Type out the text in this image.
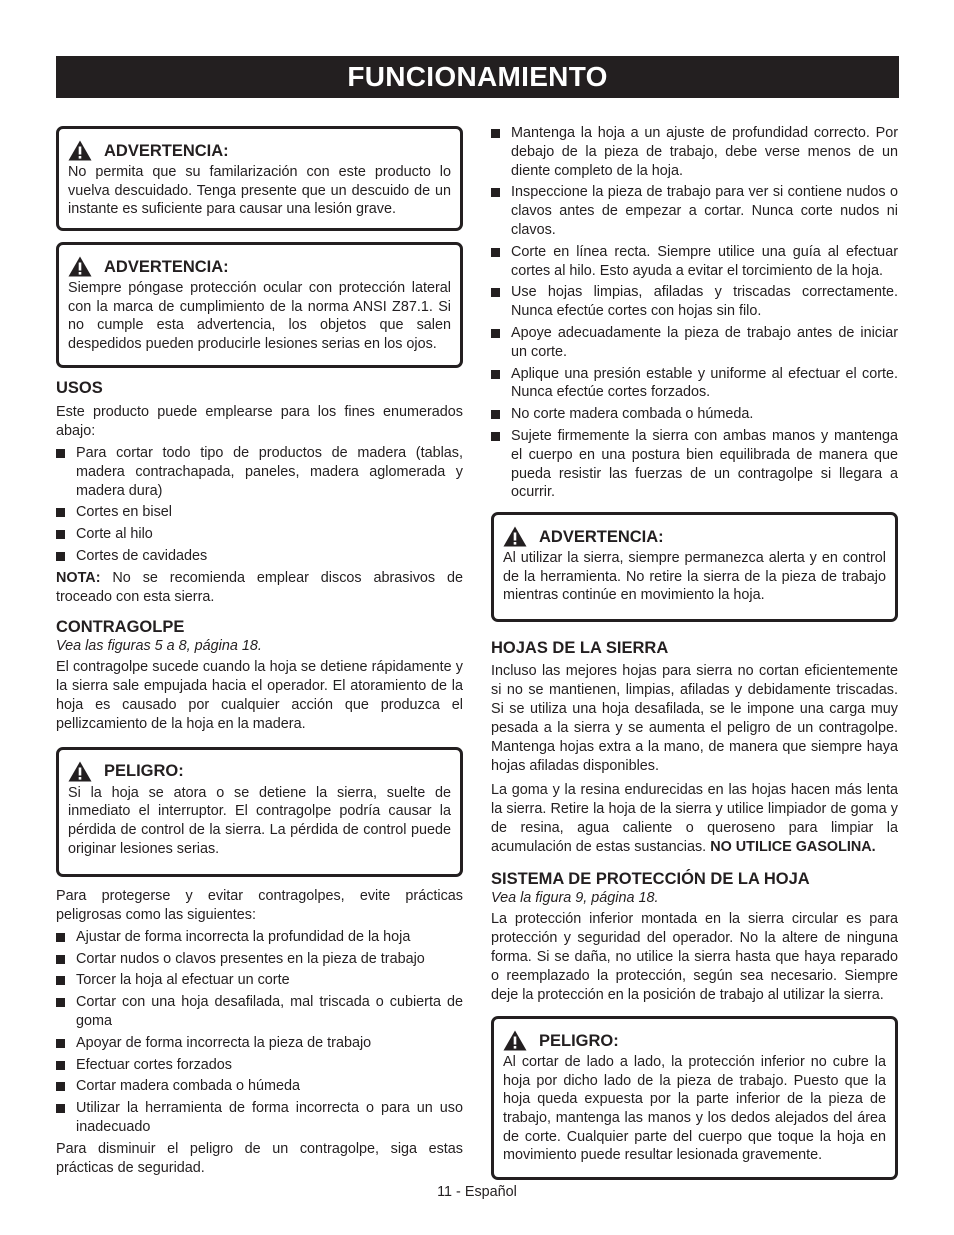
FUNCIONAMIENTO
ADVERTENCIA:

No permita que su familarización con este producto lo vuelva descuidado. Tenga presente que un descuido de un instante es suficiente para causar una lesión grave.

ADVERTENCIA:

Siempre póngase protección ocular con protección lateral con la marca de cumplimiento de la norma ANSI Z87.1. Si no cumple esta advertencia, los objetos que salen despedidos pueden producirle lesiones serias en los ojos.

USOS

Este producto puede emplearse para los fines enumerados abajo:

Para cortar todo tipo de productos de madera (tablas, madera contrachapada, paneles, madera aglomerada y madera dura)
Cortes en bisel
Corte al hilo
Cortes de cavidades

NOTA: No se recomienda emplear discos abrasivos de troceado con esta sierra.

CONTRAGOLPE

Vea las figuras 5 a 8, página 18.

El contragolpe sucede cuando la hoja se detiene rápidamente y la sierra sale empujada hacia el operador. El atoramiento de la hoja es causado por cualquier acción que produzca el pellizcamiento de la hoja en la madera.

PELIGRO:

Si la hoja se atora o se detiene la sierra, suelte de inmediato el interruptor. El contragolpe podría causar la pérdida de control de la sierra. La pérdida de control puede originar lesiones serias.

Para protegerse y evitar contragolpes, evite prácticas peligrosas como las siguientes:

Ajustar de forma incorrecta la profundidad de la hoja
Cortar nudos o clavos presentes en la pieza de trabajo
Torcer la hoja al efectuar un corte
Cortar con una hoja desafilada, mal triscada o cubierta de goma
Apoyar de forma incorrecta la pieza de trabajo
Efectuar cortes forzados
Cortar madera combada o húmeda
Utilizar la herramienta de forma incorrecta o para un uso inadecuado

Para disminuir el peligro de un contragolpe, siga estas prácticas de seguridad.

Mantenga la hoja a un ajuste de profundidad correcto. Por debajo de la pieza de trabajo, debe verse menos de un diente completo de la hoja.
Inspeccione la pieza de trabajo para ver si contiene nudos o clavos antes de empezar a cortar. Nunca corte nudos ni clavos.
Corte en línea recta. Siempre utilice una guía al efectuar cortes al hilo. Esto ayuda a evitar el torcimiento de la hoja.
Use hojas limpias, afiladas y triscadas correctamente. Nunca efectúe cortes con hojas sin filo.
Apoye adecuadamente la pieza de trabajo antes de iniciar un corte.
Aplique una presión estable y uniforme al efectuar el corte. Nunca efectúe cortes forzados.
No corte madera combada o húmeda.
Sujete firmemente la sierra con ambas manos y mantenga el cuerpo en una postura bien equilibrada de manera que pueda resistir las fuerzas de un contragolpe si llegara a ocurrir.
ADVERTENCIA:

Al utilizar la sierra, siempre permanezca alerta y en control de la herramienta. No retire la sierra de la pieza de trabajo mientras continúe en movimiento la hoja.

HOJAS DE LA SIERRA

Incluso las mejores hojas para sierra no cortan eficientemente si no se mantienen, limpias, afiladas y debidamente triscadas. Si se utiliza una hoja desafilada, se le impone una carga muy pesada a la sierra y se aumenta el peligro de un contragolpe. Mantenga hojas extra a la mano, de manera que siempre haya hojas afiladas disponibles.

La goma y la resina endurecidas en las hojas hacen más lenta la sierra. Retire la hoja de la sierra y utilice limpiador de goma y de resina, agua caliente o queroseno para limpiar la acumulación de estas sustancias. NO UTILICE GASOLINA.

SISTEMA DE PROTECCIÓN DE LA HOJA

Vea la figura 9, página 18.

La protección inferior montada en la sierra circular es para protección y seguridad del operador. No la altere de ninguna forma. Si se daña, no utilice la sierra hasta que haya reparado o reemplazado la protección, según sea necesario. Siempre deje la protección en la posición de trabajo al utilizar la sierra.

PELIGRO:

Al cortar de lado a lado, la protección inferior no cubre la hoja por dicho lado de la pieza de trabajo. Puesto que la hoja queda expuesta por la parte inferior de la pieza de trabajo, mantenga las manos y los dedos alejados del área de corte. Cualquier parte del cuerpo que toque la hoja en movimiento puede resultar lesionada gravemente.

11 - Español
